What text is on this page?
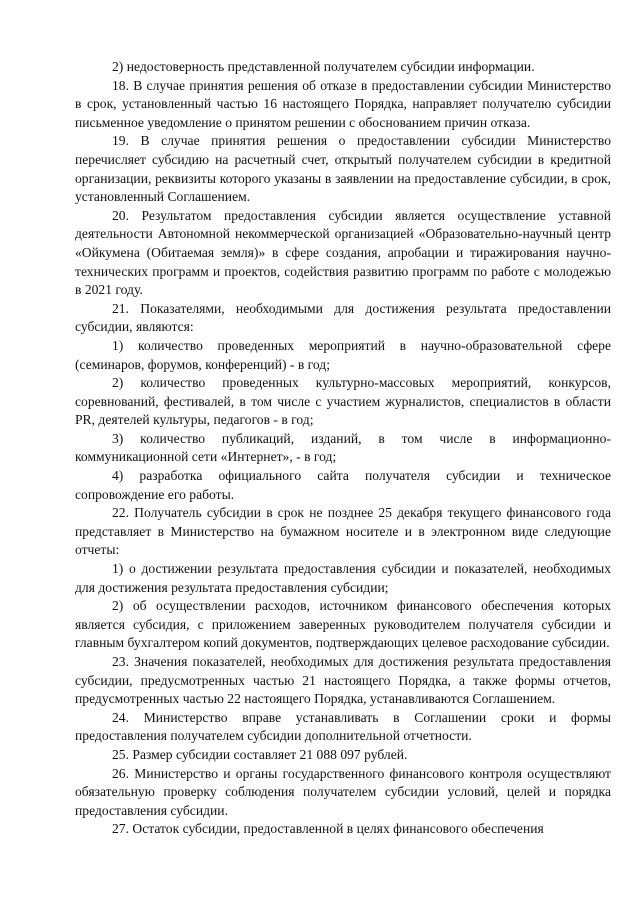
2) недостоверность представленной получателем субсидии информации.

18. В случае принятия решения об отказе в предоставлении субсидии Министерство в срок, установленный частью 16 настоящего Порядка, направляет получателю субсидии письменное уведомление о принятом решении с обоснованием причин отказа.

19. В случае принятия решения о предоставлении субсидии Министерство перечисляет субсидию на расчетный счет, открытый получателем субсидии в кредитной организации, реквизиты которого указаны в заявлении на предоставление субсидии, в срок, установленный Соглашением.

20. Результатом предоставления субсидии является осуществление уставной деятельности Автономной некоммерческой организацией «Образовательно-научный центр «Ойкумена (Обитаемая земля)» в сфере создания, апробации и тиражирования научно-технических программ и проектов, содействия развитию программ по работе с молодежью в 2021 году.

21. Показателями, необходимыми для достижения результата предоставлении субсидии, являются:

1) количество проведенных мероприятий в научно-образовательной сфере (семинаров, форумов, конференций) - в год;

2) количество проведенных культурно-массовых мероприятий, конкурсов, соревнований, фестивалей, в том числе с участием журналистов, специалистов в области PR, деятелей культуры, педагогов - в год;

3) количество публикаций, изданий, в том числе в информационно-коммуникационной сети «Интернет», - в год;

4) разработка официального сайта получателя субсидии и техническое сопровождение его работы.

22. Получатель субсидии в срок не позднее 25 декабря текущего финансового года представляет в Министерство на бумажном носителе и в электронном виде следующие отчеты:

1) о достижении результата предоставления субсидии и показателей, необходимых для достижения результата предоставления субсидии;

2) об осуществлении расходов, источником финансового обеспечения которых является субсидия, с приложением заверенных руководителем получателя субсидии и главным бухгалтером копий документов, подтверждающих целевое расходование субсидии.

23. Значения показателей, необходимых для достижения результата предоставления субсидии, предусмотренных частью 21 настоящего Порядка, а также формы отчетов, предусмотренных частью 22 настоящего Порядка, устанавливаются Соглашением.

24. Министерство вправе устанавливать в Соглашении сроки и формы предоставления получателем субсидии дополнительной отчетности.

25. Размер субсидии составляет 21 088 097 рублей.

26. Министерство и органы государственного финансового контроля осуществляют обязательную проверку соблюдения получателем субсидии условий, целей и порядка предоставления субсидии.

27. Остаток субсидии, предоставленной в целях финансового обеспечения
